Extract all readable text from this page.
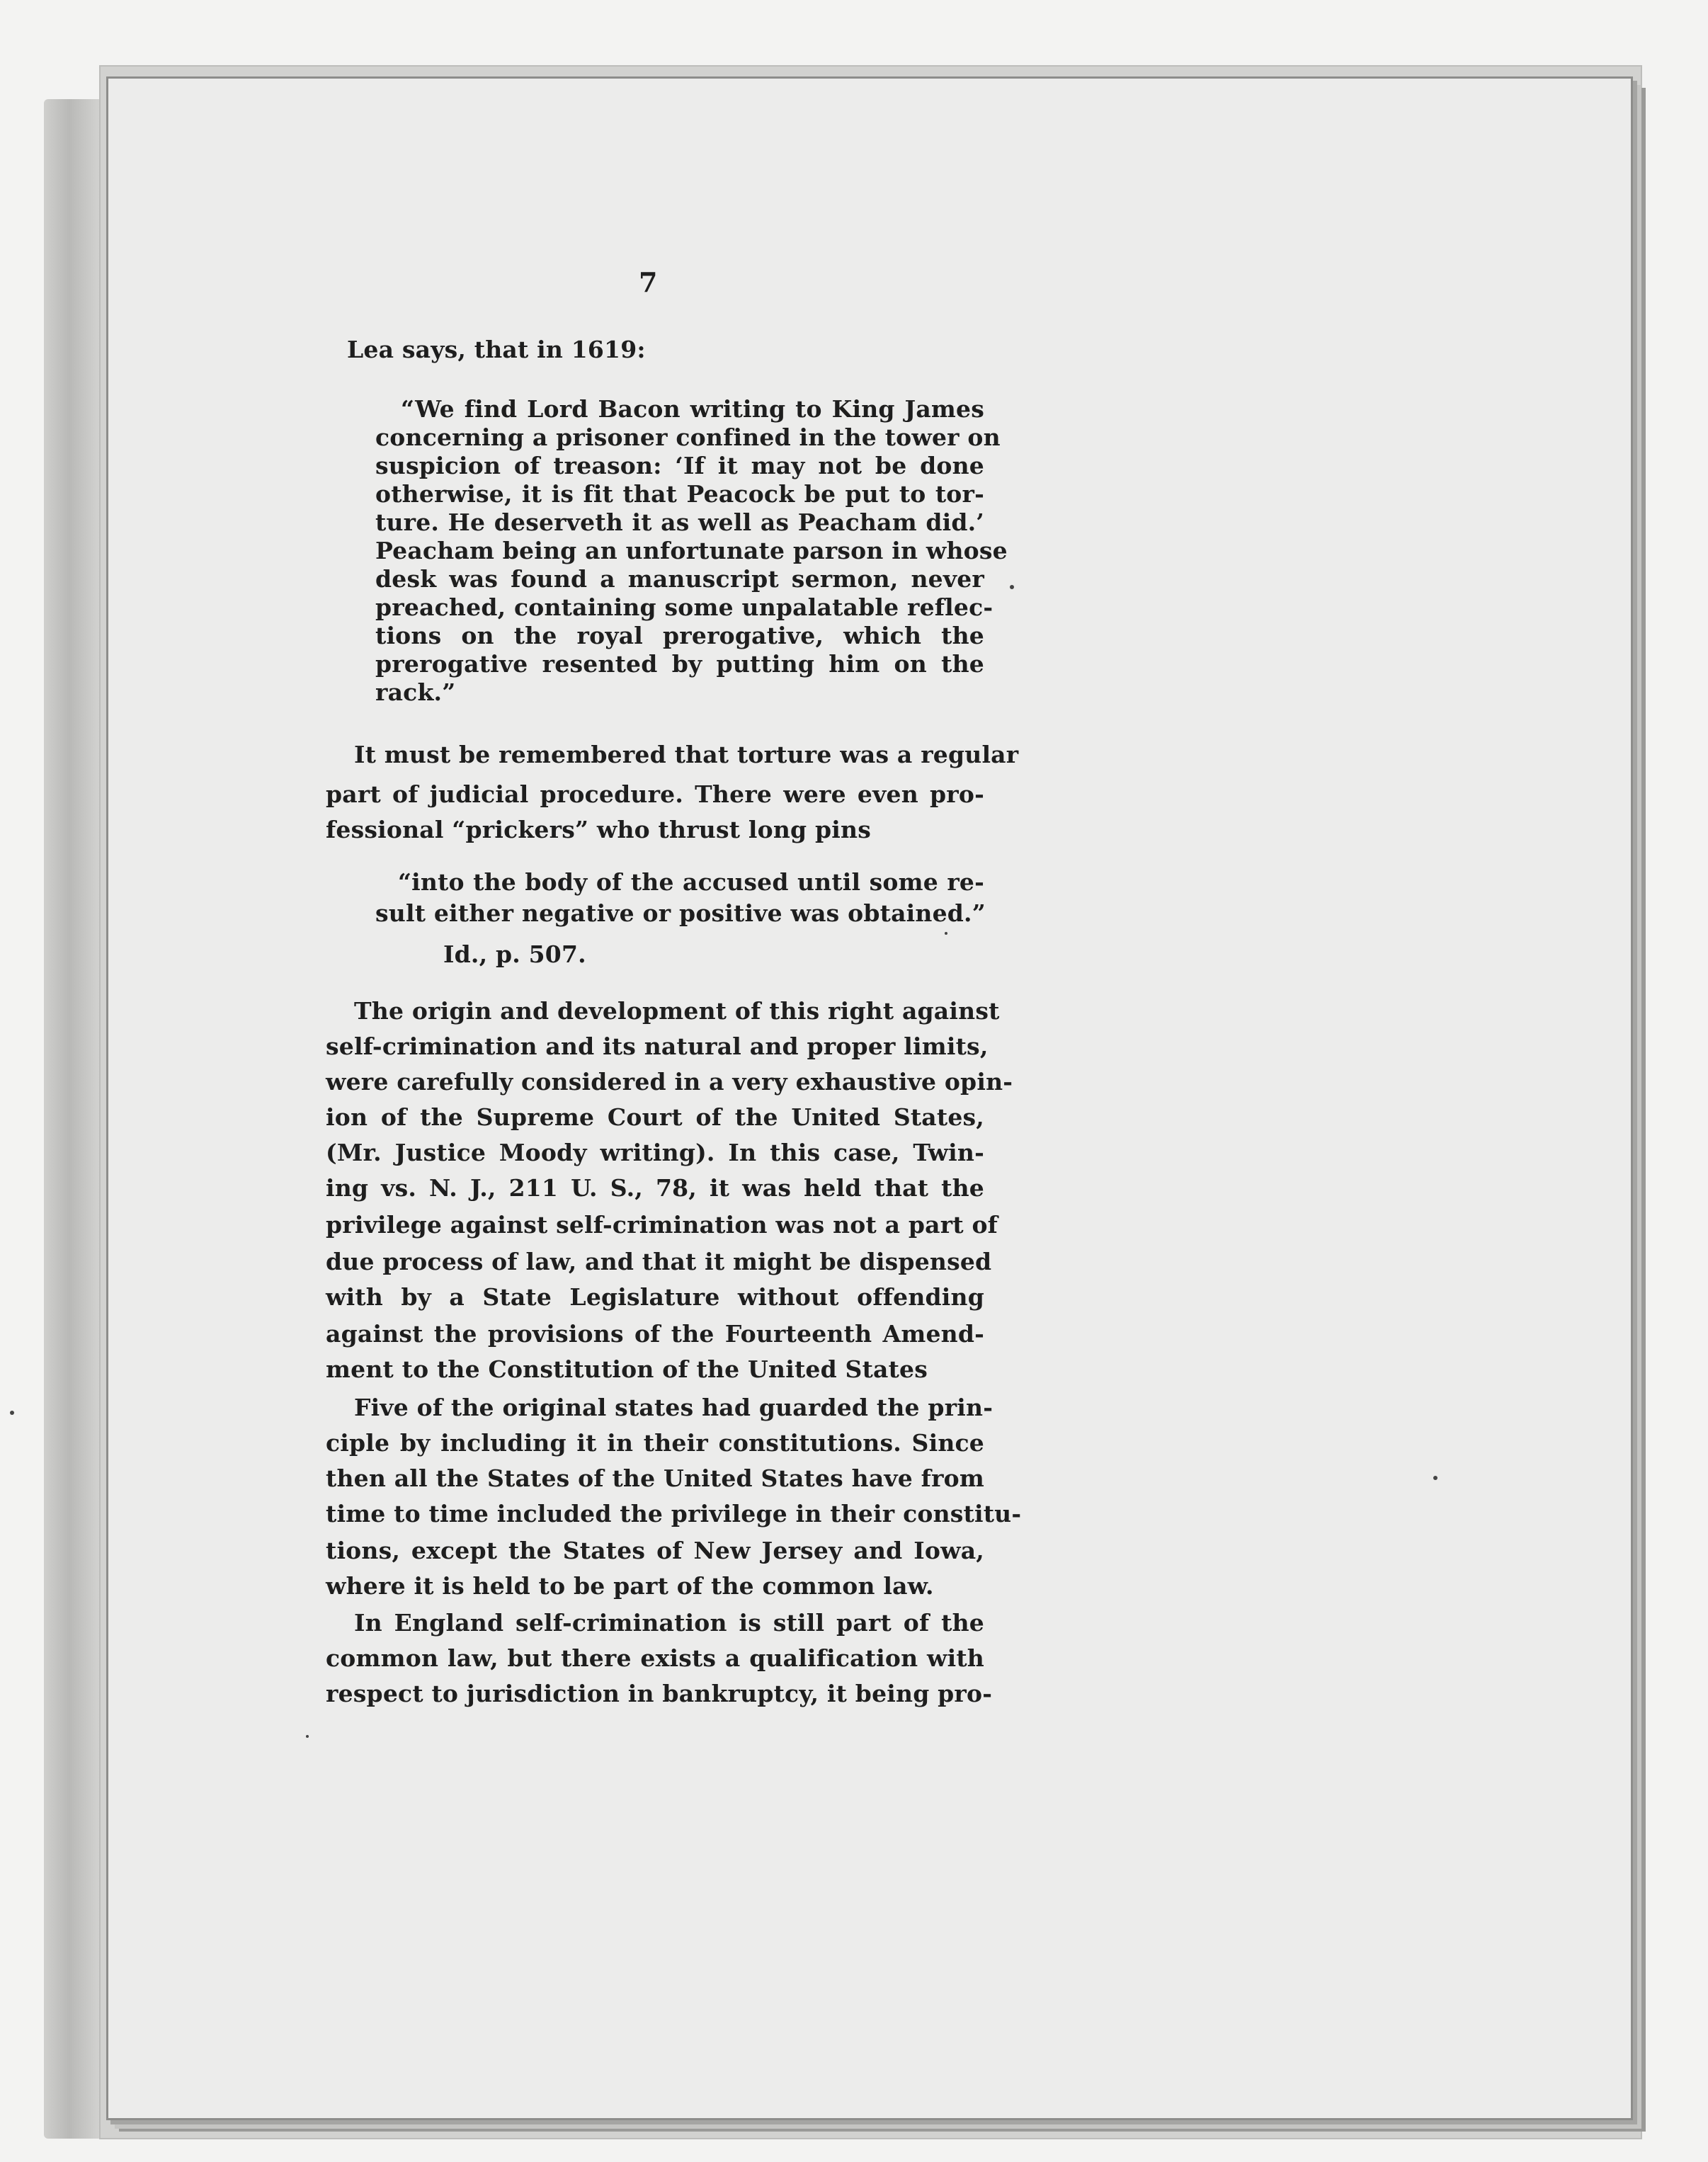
7
Lea says, that in 1619:
“We find Lord Bacon writing to King James
concerning a prisoner confined in the tower on
suspicion of treason: ‘If it may not be done
otherwise, it is fit that Peacock be put to tor-
ture. He deserveth it as well as Peacham did.’
Peacham being an unfortunate parson in whose
desk was found a manuscript sermon, never
preached, containing some unpalatable reflec-
tions on the royal prerogative, which the
prerogative resented by putting him on the
rack.”
It must be remembered that torture was a regular
part of judicial procedure. There were even pro-
fessional “prickers” who thrust long pins
“into the body of the accused until some re-
sult either negative or positive was obtained.”
Id., p. 507.
The origin and development of this right against
self-crimination and its natural and proper limits,
were carefully considered in a very exhaustive opin-
ion of the Supreme Court of the United States,
(Mr. Justice Moody writing). In this case, Twin-
ing vs. N. J., 211 U. S., 78, it was held that the
privilege against self-crimination was not a part of
due process of law, and that it might be dispensed
with by a State Legislature without offending
against the provisions of the Fourteenth Amend-
ment to the Constitution of the United States
Five of the original states had guarded the prin-
ciple by including it in their constitutions. Since
then all the States of the United States have from
time to time included the privilege in their constitu-
tions, except the States of New Jersey and Iowa,
where it is held to be part of the common law.
In England self-crimination is still part of the
common law, but there exists a qualification with
respect to jurisdiction in bankruptcy, it being pro-
